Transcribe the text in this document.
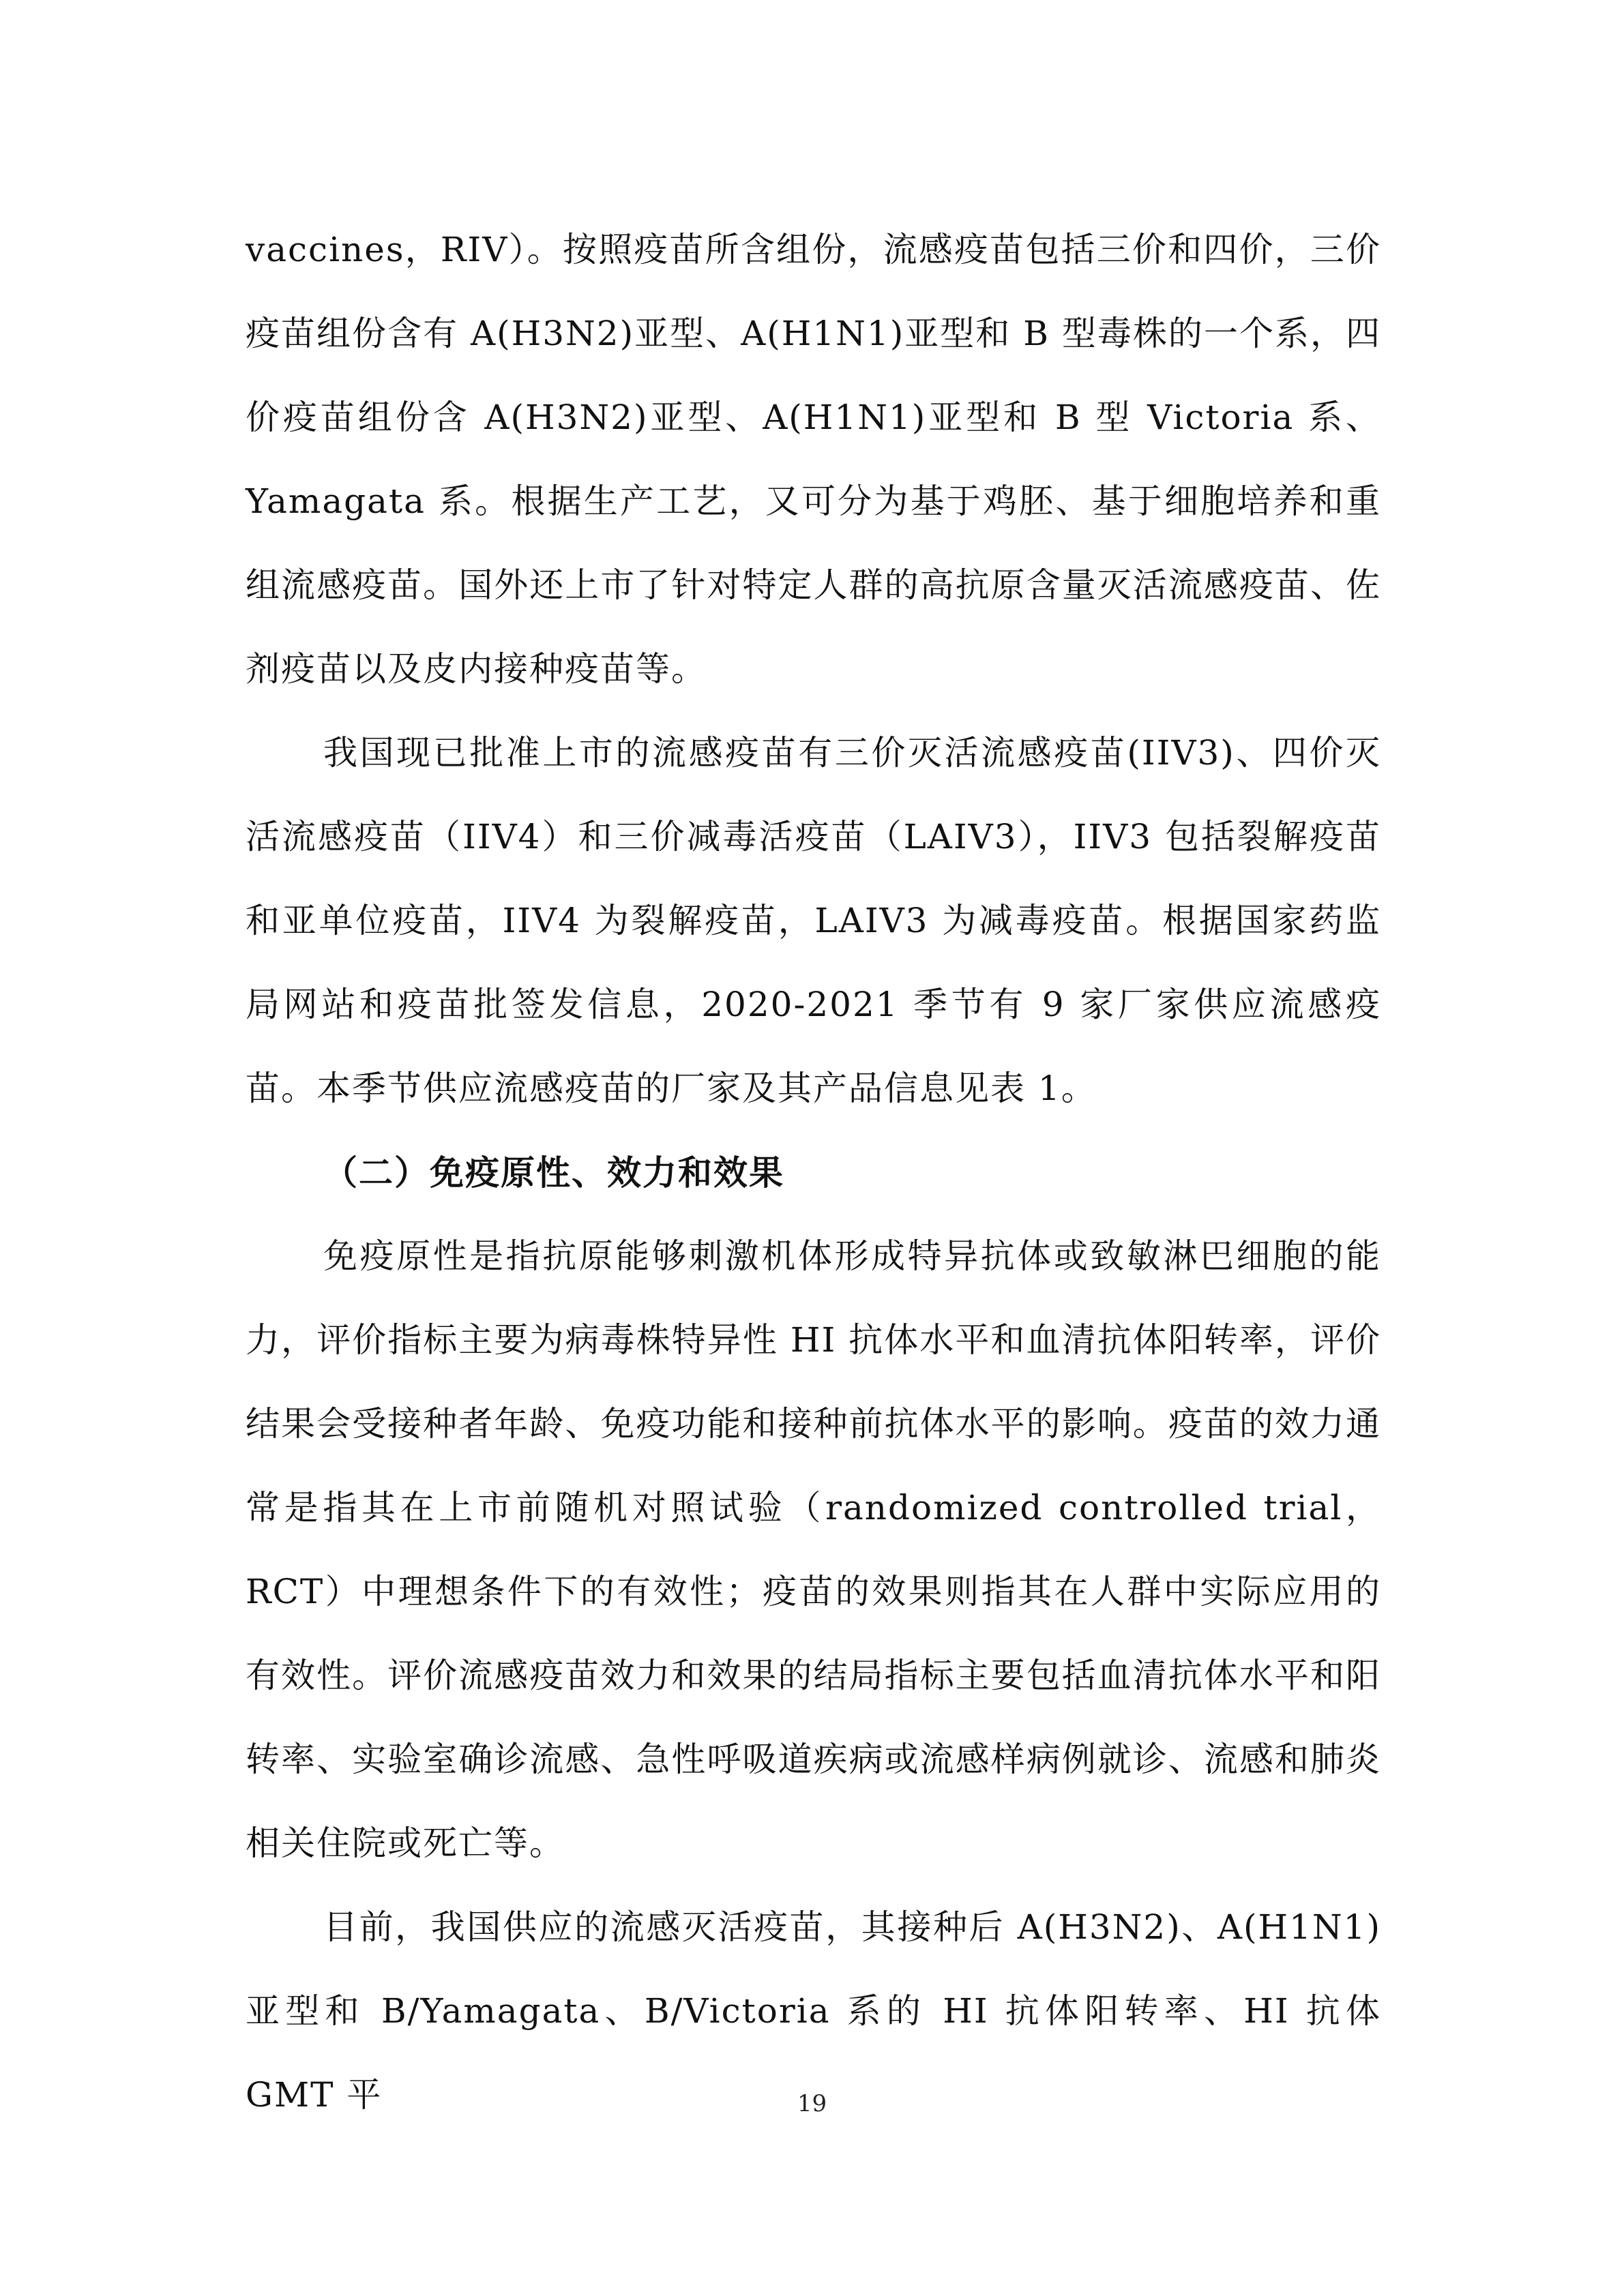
vaccines，RIV）。按照疫苗所含组份，流感疫苗包括三价和四价，三价疫苗组份含有 A(H3N2)亚型、A(H1N1)亚型和 B 型毒株的一个系，四价疫苗组份含 A(H3N2)亚型、A(H1N1)亚型和 B 型 Victoria 系、Yamagata 系。根据生产工艺，又可分为基于鸡胚、基于细胞培养和重组流感疫苗。国外还上市了针对特定人群的高抗原含量灭活流感疫苗、佐剂疫苗以及皮内接种疫苗等。

我国现已批准上市的流感疫苗有三价灭活流感疫苗(IIV3)、四价灭活流感疫苗（IIV4）和三价减毒活疫苗（LAIV3），IIV3 包括裂解疫苗和亚单位疫苗，IIV4 为裂解疫苗，LAIV3 为减毒疫苗。根据国家药监局网站和疫苗批签发信息，2020-2021 季节有 9 家厂家供应流感疫苗。本季节供应流感疫苗的厂家及其产品信息见表 1。

（二）免疫原性、效力和效果

免疫原性是指抗原能够刺激机体形成特异抗体或致敏淋巴细胞的能力，评价指标主要为病毒株特异性 HI 抗体水平和血清抗体阳转率，评价结果会受接种者年龄、免疫功能和接种前抗体水平的影响。疫苗的效力通常是指其在上市前随机对照试验（randomized controlled trial，RCT）中理想条件下的有效性；疫苗的效果则指其在人群中实际应用的有效性。评价流感疫苗效力和效果的结局指标主要包括血清抗体水平和阳转率、实验室确诊流感、急性呼吸道疾病或流感样病例就诊、流感和肺炎相关住院或死亡等。

目前，我国供应的流感灭活疫苗，其接种后 A(H3N2)、A(H1N1)亚型和 B/Yamagata、B/Victoria 系的 HI 抗体阳转率、HI 抗体 GMT 平	19
